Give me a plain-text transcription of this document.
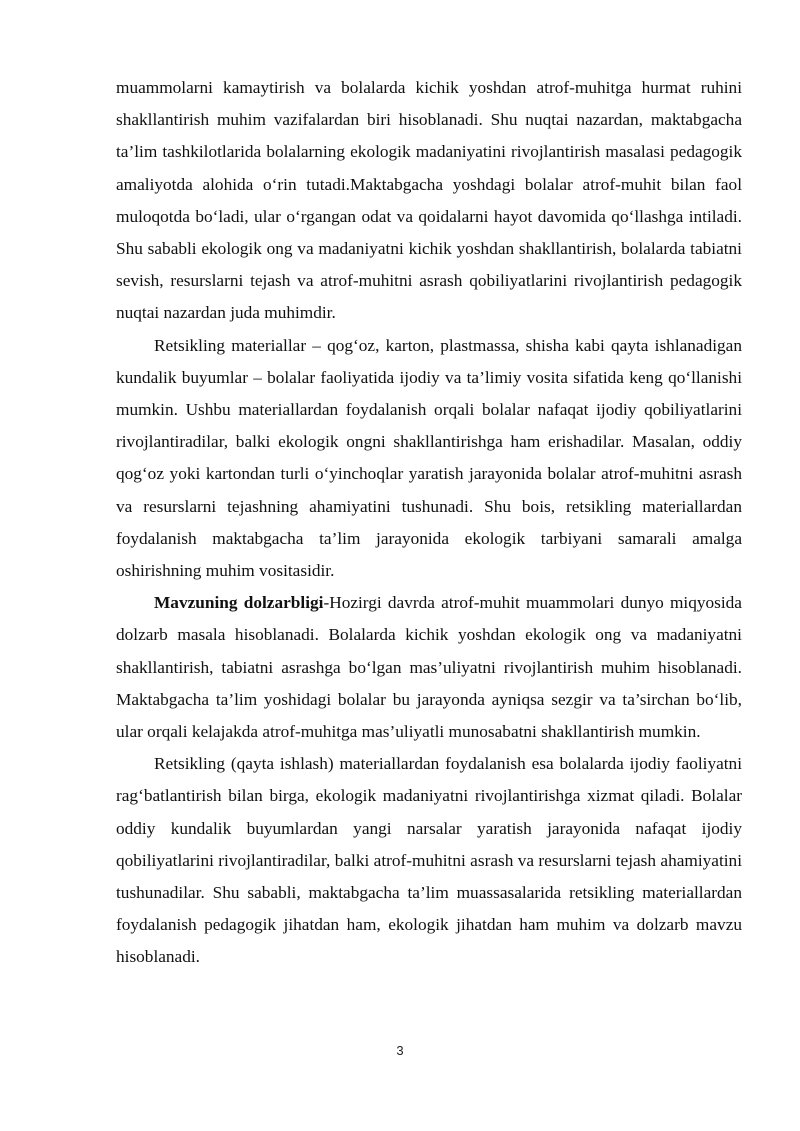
muammolarni kamaytirish va bolalarda kichik yoshdan atrof-muhitga hurmat ruhini shakllantirish muhim vazifalardan biri hisoblanadi. Shu nuqtai nazardan, maktabgacha ta’lim tashkilotlarida bolalarning ekologik madaniyatini rivojlantirish masalasi pedagogik amaliyotda alohida o‘rin tutadi.Maktabgacha yoshdagi bolalar atrof-muhit bilan faol muloqotda bo‘ladi, ular o‘rgangan odat va qoidalarni hayot davomida qo‘llashga intiladi. Shu sababli ekologik ong va madaniyatni kichik yoshdan shakllantirish, bolalarda tabiatni sevish, resurslarni tejash va atrof-muhitni asrash qobiliyatlarini rivojlantirish pedagogik nuqtai nazardan juda muhimdir.

Retsikling materiallar – qog‘oz, karton, plastmassa, shisha kabi qayta ishlanadigan kundalik buyumlar – bolalar faoliyatida ijodiy va ta’limiy vosita sifatida keng qo‘llanishi mumkin. Ushbu materiallardan foydalanish orqali bolalar nafaqat ijodiy qobiliyatlarini rivojlantiradilar, balki ekologik ongni shakllantirishga ham erishadilar. Masalan, oddiy qog‘oz yoki kartondan turli o‘yinchoqlar yaratish jarayonida bolalar atrof-muhitni asrash va resurslarni tejashning ahamiyatini tushunadi. Shu bois, retsikling materiallardan foydalanish maktabgacha ta’lim jarayonida ekologik tarbiyani samarali amalga oshirishning muhim vositasidir.

Mavzuning dolzarbligi-Hozirgi davrda atrof-muhit muammolari dunyo miqyosida dolzarb masala hisoblanadi. Bolalarda kichik yoshdan ekologik ong va madaniyatni shakllantirish, tabiatni asrashga bo‘lgan mas’uliyatni rivojlantirish muhim hisoblanadi. Maktabgacha ta’lim yoshidagi bolalar bu jarayonda ayniqsa sezgir va ta’sirchan bo‘lib, ular orqali kelajakda atrof-muhitga mas’uliyatli munosabatni shakllantirish mumkin.

Retsikling (qayta ishlash) materiallardan foydalanish esa bolalarda ijodiy faoliyatni rag‘batlantirish bilan birga, ekologik madaniyatni rivojlantirishga xizmat qiladi. Bolalar oddiy kundalik buyumlardan yangi narsalar yaratish jarayonida nafaqat ijodiy qobiliyatlarini rivojlantiradilar, balki atrof-muhitni asrash va resurslarni tejash ahamiyatini tushunadilar. Shu sababli, maktabgacha ta’lim muassasalarida retsikling materiallardan foydalanish pedagogik jihatdan ham, ekologik jihatdan ham muhim va dolzarb mavzu hisoblanadi.

3
